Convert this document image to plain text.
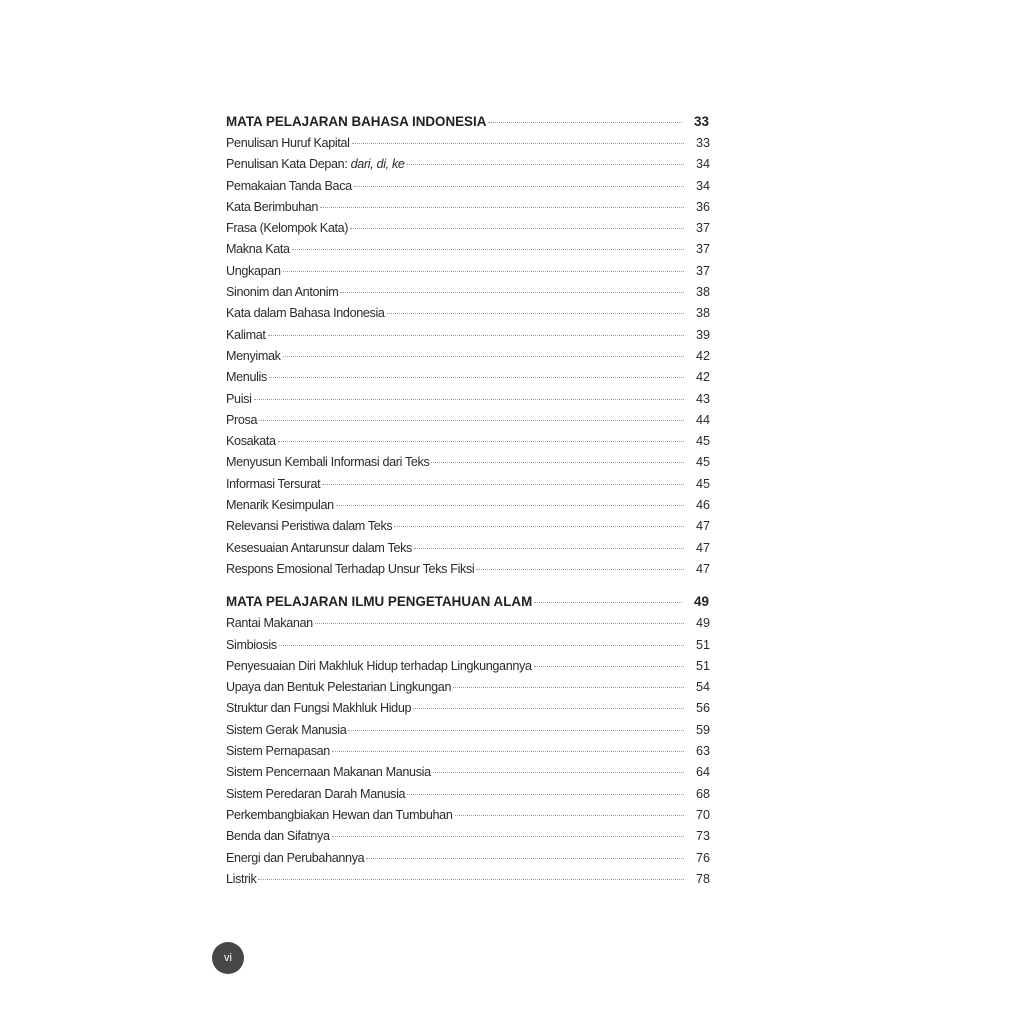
MATA PELAJARAN BAHASA INDONESIA	33
Penulisan Huruf Kapital	33
Penulisan Kata Depan: dari, di, ke	34
Pemakaian Tanda Baca	34
Kata Berimbuhan	36
Frasa (Kelompok Kata)	37
Makna Kata	37
Ungkapan	37
Sinonim dan Antonim	38
Kata dalam Bahasa Indonesia	38
Kalimat	39
Menyimak	42
Menulis	42
Puisi	43
Prosa	44
Kosakata	45
Menyusun Kembali Informasi dari Teks	45
Informasi Tersurat	45
Menarik Kesimpulan	46
Relevansi Peristiwa dalam Teks	47
Kesesuaian Antarunsur dalam Teks	47
Respons Emosional Terhadap Unsur Teks Fiksi	47
MATA PELAJARAN ILMU PENGETAHUAN ALAM	49
Rantai Makanan	49
Simbiosis	51
Penyesuaian Diri Makhluk Hidup terhadap Lingkungannya	51
Upaya dan Bentuk Pelestarian Lingkungan	54
Struktur dan Fungsi Makhluk Hidup	56
Sistem Gerak Manusia	59
Sistem Pernapasan	63
Sistem Pencernaan Makanan Manusia	64
Sistem Peredaran Darah Manusia	68
Perkembangbiakan Hewan dan Tumbuhan	70
Benda dan Sifatnya	73
Energi dan Perubahannya	76
Listrik	78
vi
